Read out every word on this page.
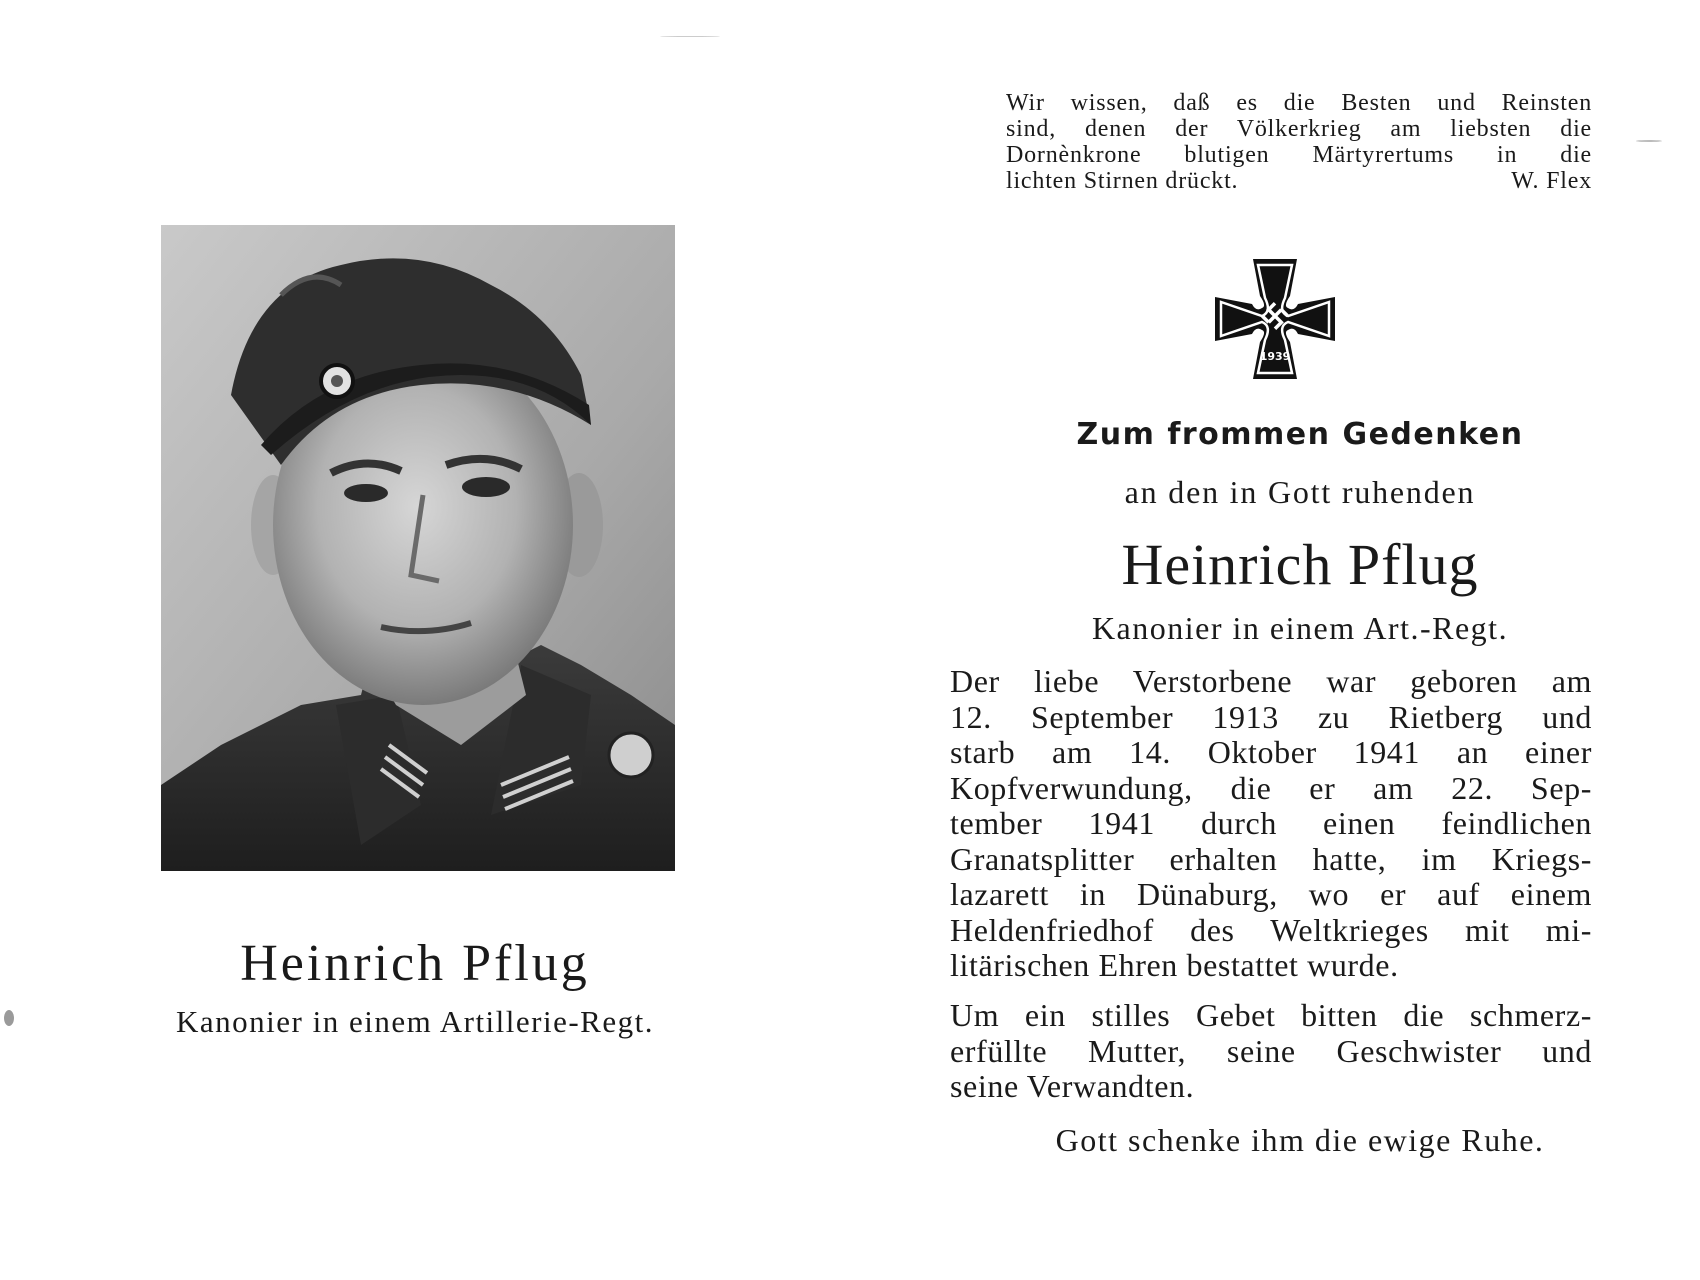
Heinrich Pflug
Kanonier in einem Artillerie-Regt.
Wir wissen, daß es die Besten und Reinsten
sind, denen der Völkerkrieg am liebsten die
Dornènkrone blutigen Märtyrertums in die
lichten Stirnen drückt.	W. Flex
1939
Zum frommen Gedenken
an den in Gott ruhenden
Heinrich Pflug
Kanonier in einem Art.-Regt.
Der liebe Verstorbene war geboren am
12. September 1913 zu Rietberg und
starb am 14. Oktober 1941 an einer
Kopfverwundung, die er am 22. Sep-
tember 1941 durch einen feindlichen
Granatsplitter erhalten hatte, im Kriegs-
lazarett in Dünaburg, wo er auf einem
Heldenfriedhof des Weltkrieges mit mi-
litärischen Ehren bestattet wurde.
Um ein stilles Gebet bitten die schmerz-
erfüllte Mutter, seine Geschwister und
seine Verwandten.
Gott schenke ihm die ewige Ruhe.
